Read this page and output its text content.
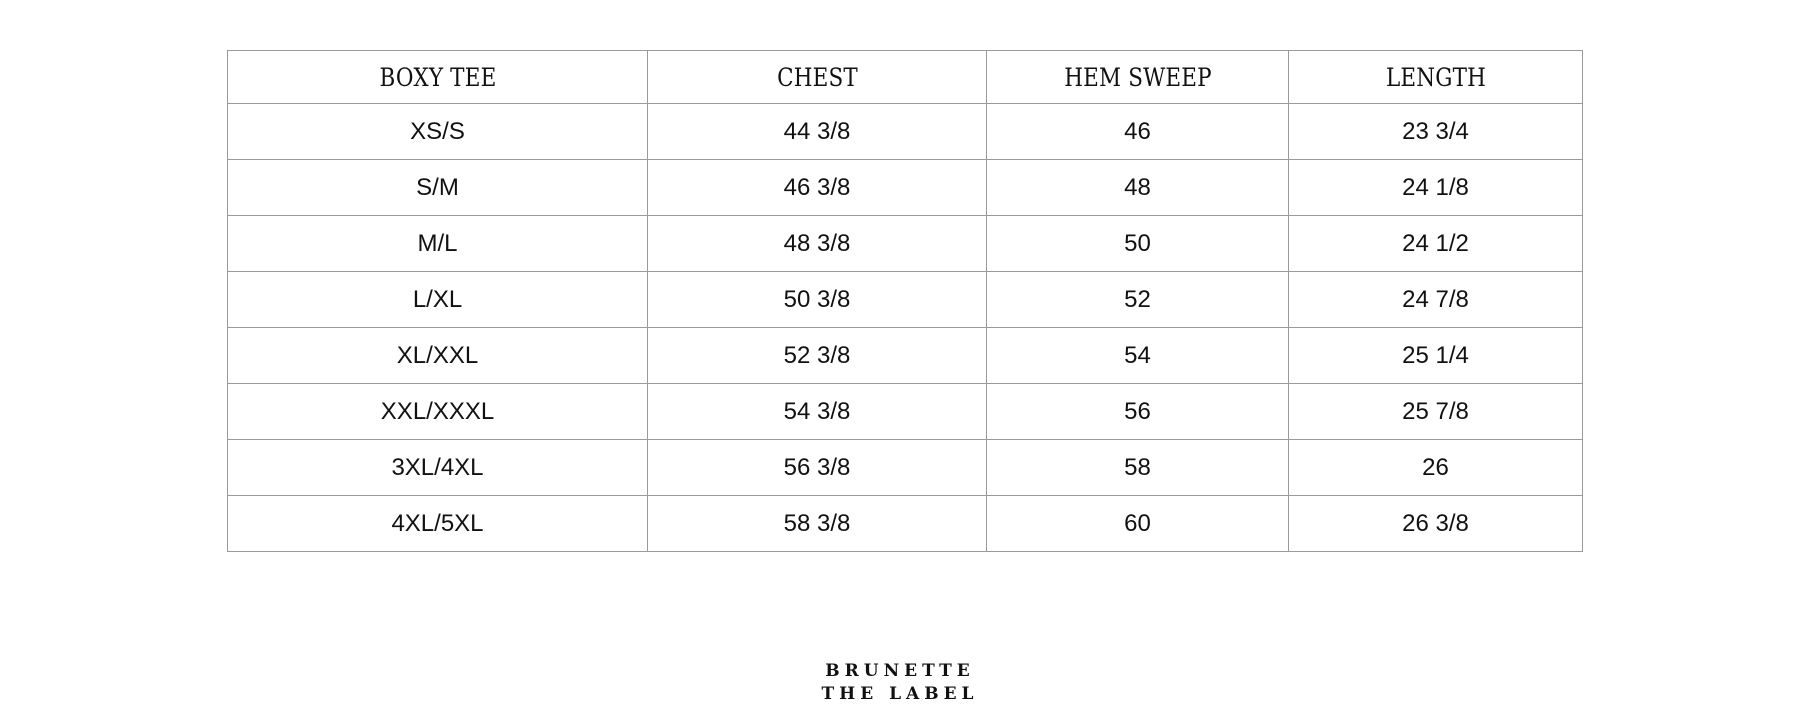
BOXY TEE	CHEST	HEM SWEEP	LENGTH
XS/S	44 3/8	46	23 3/4
S/M	46 3/8	48	24 1/8
M/L	48 3/8	50	24 1/2
L/XL	50 3/8	52	24 7/8
XL/XXL	52 3/8	54	25 1/4
XXL/XXXL	54 3/8	56	25 7/8
3XL/4XL	56 3/8	58	26
4XL/5XL	58 3/8	60	26 3/8
BRUNETTE
THE LABEL
